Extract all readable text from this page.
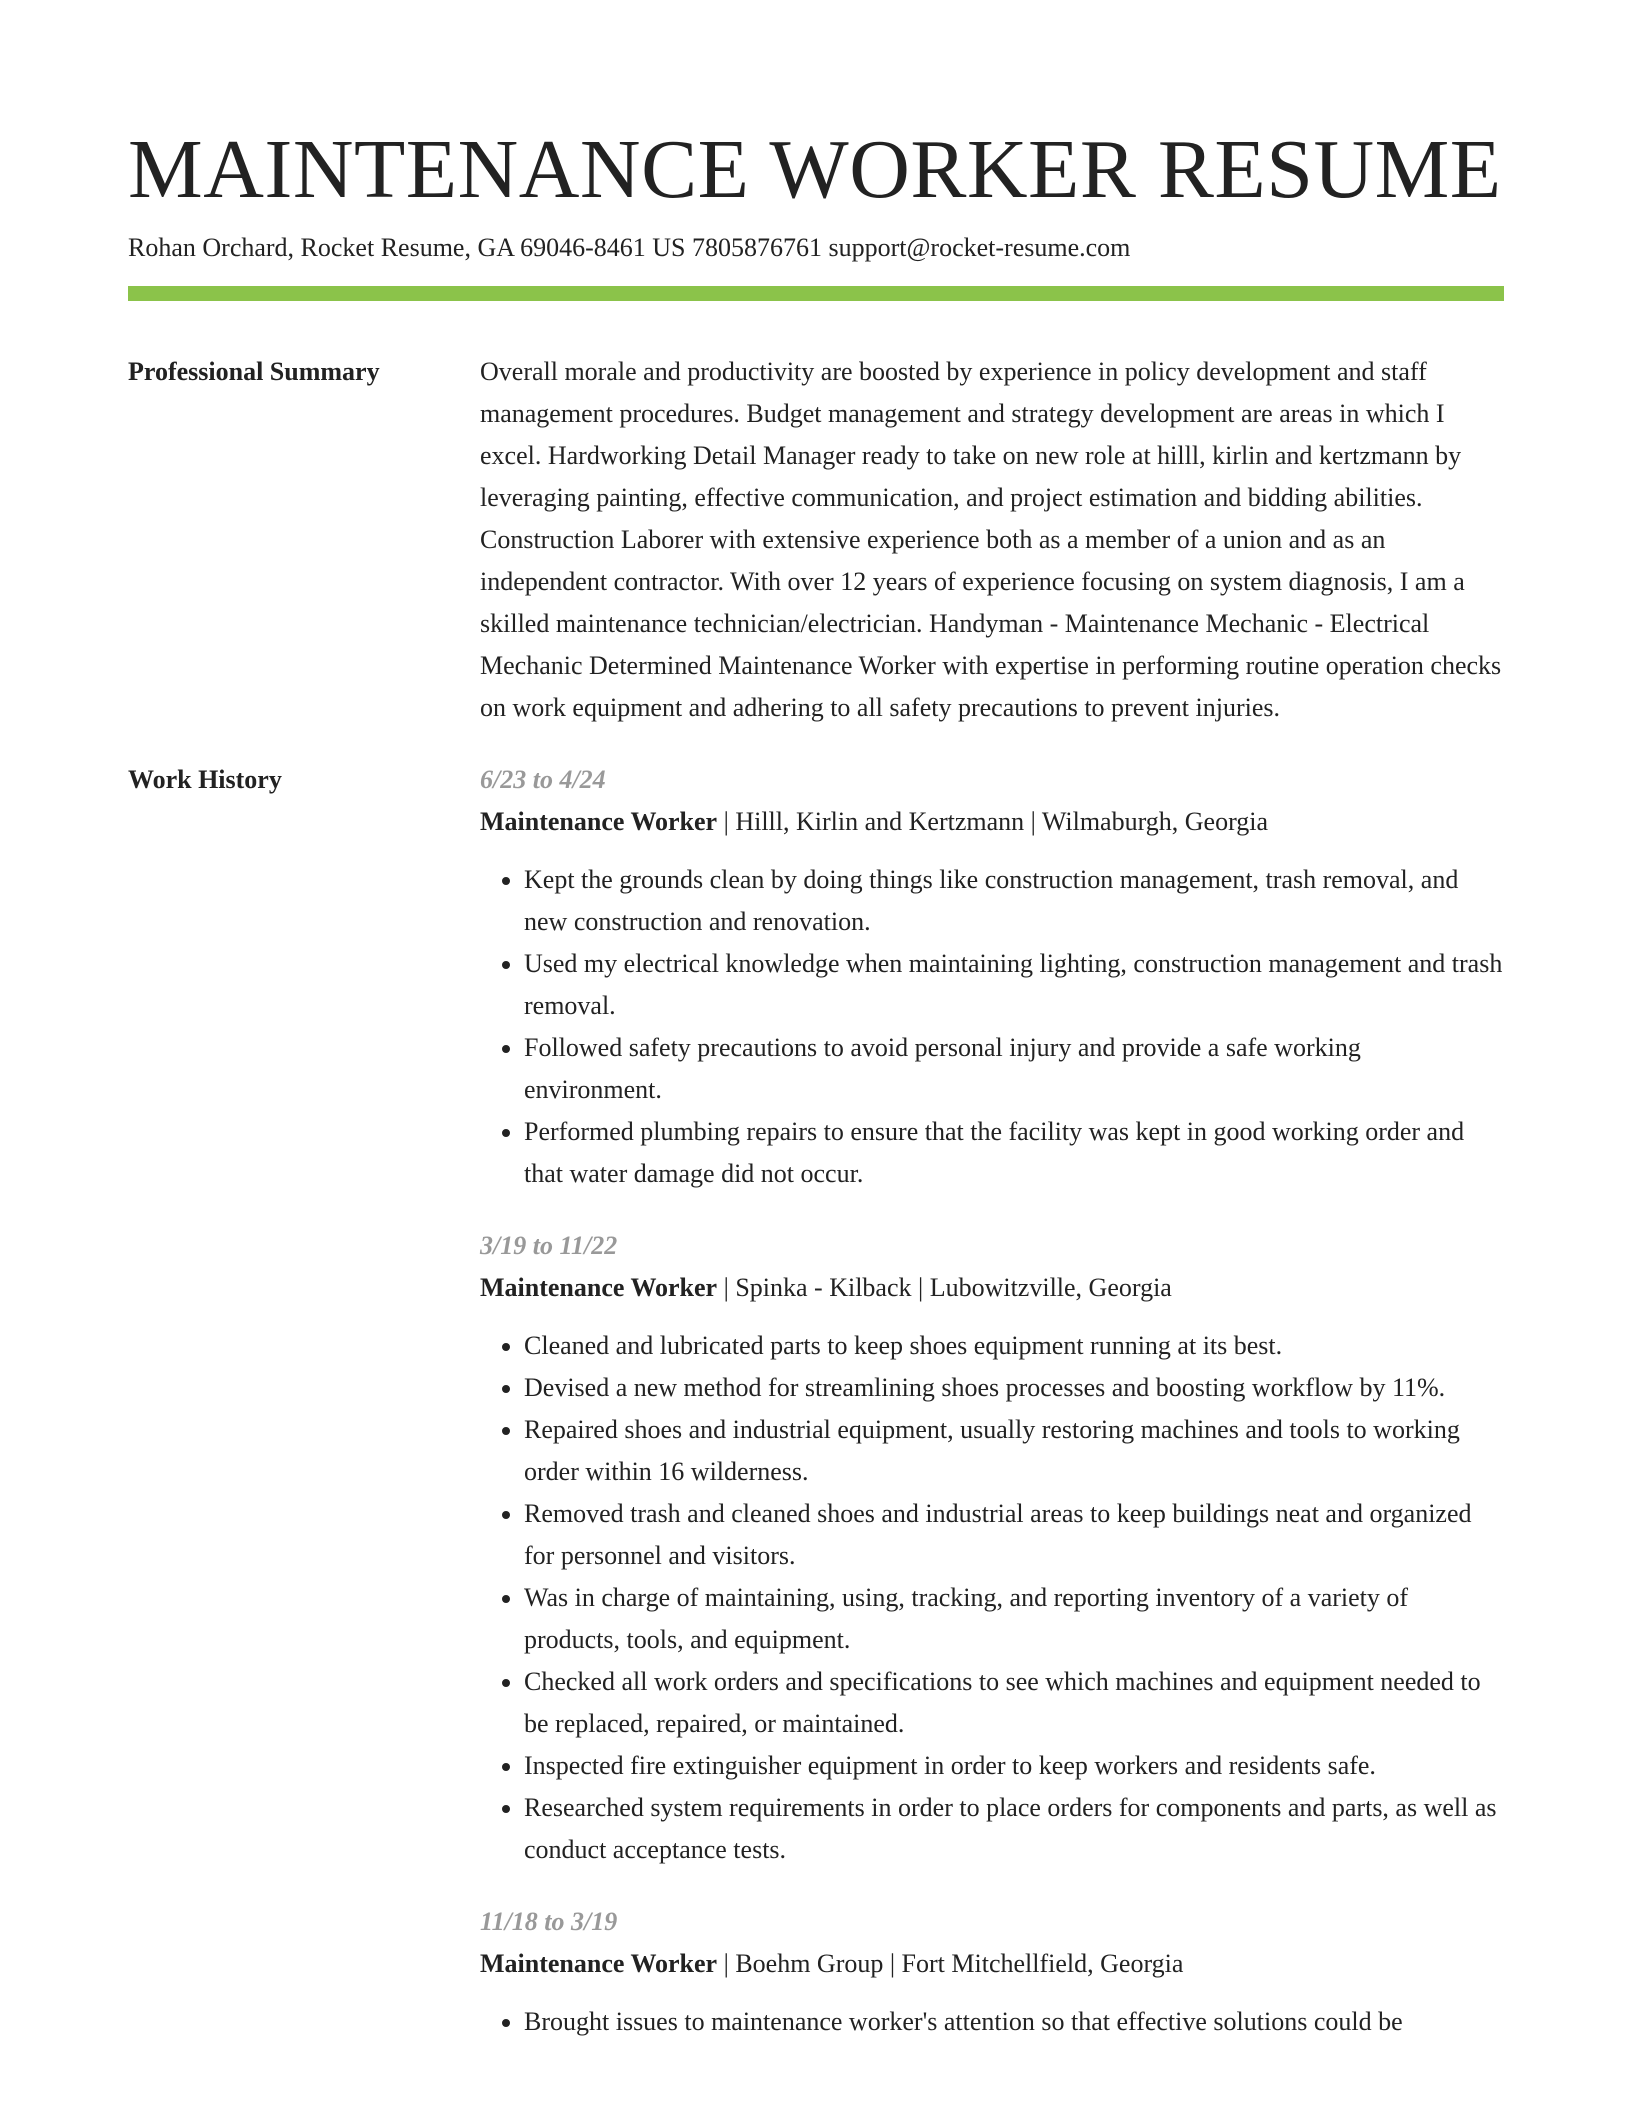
MAINTENANCE WORKER RESUME
Rohan Orchard, Rocket Resume, GA 69046-8461 US 7805876761 support@rocket-resume.com
Professional Summary	Overall morale and productivity are boosted by experience in policy development and staff management procedures. Budget management and strategy development are areas in which I excel. Hardworking Detail Manager ready to take on new role at hilll, kirlin and kertzmann by leveraging painting, effective communication, and project estimation and bidding abilities. Construction Laborer with extensive experience both as a member of a union and as an independent contractor. With over 12 years of experience focusing on system diagnosis, I am a skilled maintenance technician/electrician. Handyman - Maintenance Mechanic - Electrical Mechanic Determined Maintenance Worker with expertise in performing routine operation checks on work equipment and adhering to all safety precautions to prevent injuries.

Work History	6/23 to 4/24
Maintenance Worker | Hilll, Kirlin and Kertzmann | Wilmaburgh, Georgia
• Kept the grounds clean by doing things like construction management, trash removal, and new construction and renovation.
• Used my electrical knowledge when maintaining lighting, construction management and trash removal.
• Followed safety precautions to avoid personal injury and provide a safe working environment.
• Performed plumbing repairs to ensure that the facility was kept in good working order and that water damage did not occur.
3/19 to 11/22
Maintenance Worker | Spinka - Kilback | Lubowitzville, Georgia
• Cleaned and lubricated parts to keep shoes equipment running at its best.
• Devised a new method for streamlining shoes processes and boosting workflow by 11%.
• Repaired shoes and industrial equipment, usually restoring machines and tools to working order within 16 wilderness.
• Removed trash and cleaned shoes and industrial areas to keep buildings neat and organized for personnel and visitors.
• Was in charge of maintaining, using, tracking, and reporting inventory of a variety of products, tools, and equipment.
• Checked all work orders and specifications to see which machines and equipment needed to be replaced, repaired, or maintained.
• Inspected fire extinguisher equipment in order to keep workers and residents safe.
• Researched system requirements in order to place orders for components and parts, as well as conduct acceptance tests.
11/18 to 3/19
Maintenance Worker | Boehm Group | Fort Mitchellfield, Georgia
• Brought issues to maintenance worker's attention so that effective solutions could be
